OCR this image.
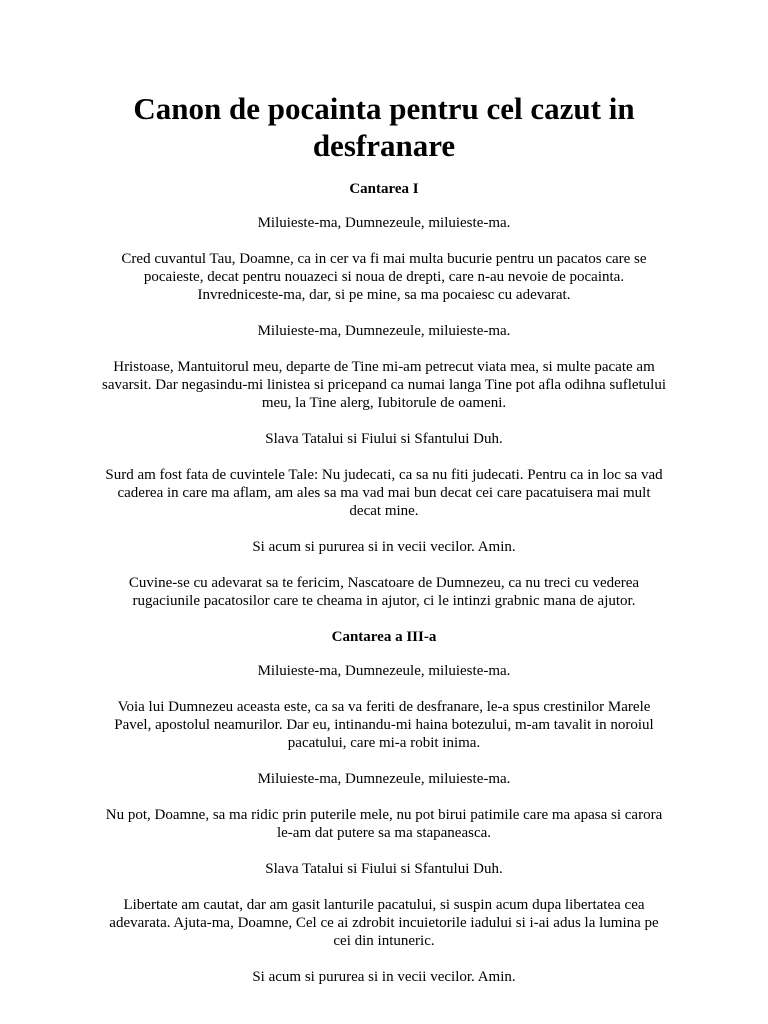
Canon de pocainta pentru cel cazut in desfranare
Cantarea I

Miluieste-ma, Dumnezeule, miluieste-ma.

Cred cuvantul Tau, Doamne, ca in cer va fi mai multa bucurie pentru un pacatos care se pocaieste, decat pentru nouazeci si noua de drepti, care n-au nevoie de pocainta. Invredniceste-ma, dar, si pe mine, sa ma pocaiesc cu adevarat.

Miluieste-ma, Dumnezeule, miluieste-ma.

Hristoase, Mantuitorul meu, departe de Tine mi-am petrecut viata mea, si multe pacate am savarsit. Dar negasindu-mi linistea si pricepand ca numai langa Tine pot afla odihna sufletului meu, la Tine alerg, Iubitorule de oameni.

Slava Tatalui si Fiului si Sfantului Duh.

Surd am fost fata de cuvintele Tale: Nu judecati, ca sa nu fiti judecati. Pentru ca in loc sa vad caderea in care ma aflam, am ales sa ma vad mai bun decat cei care pacatuisera mai mult decat mine.

Si acum si pururea si in vecii vecilor. Amin.

Cuvine-se cu adevarat sa te fericim, Nascatoare de Dumnezeu, ca nu treci cu vederea rugaciunile pacatosilor care te cheama in ajutor, ci le intinzi grabnic mana de ajutor.

Cantarea a III-a

Miluieste-ma, Dumnezeule, miluieste-ma.

Voia lui Dumnezeu aceasta este, ca sa va feriti de desfranare, le-a spus crestinilor Marele Pavel, apostolul neamurilor. Dar eu, intinandu-mi haina botezului, m-am tavalit in noroiul pacatului, care mi-a robit inima.

Miluieste-ma, Dumnezeule, miluieste-ma.

Nu pot, Doamne, sa ma ridic prin puterile mele, nu pot birui patimile care ma apasa si carora le-am dat putere sa ma stapaneasca.

Slava Tatalui si Fiului si Sfantului Duh.

Libertate am cautat, dar am gasit lanturile pacatului, si suspin acum dupa libertatea cea adevarata. Ajuta-ma, Doamne, Cel ce ai zdrobit incuietorile iadului si i-ai adus la lumina pe cei din intuneric.

Si acum si pururea si in vecii vecilor. Amin.
